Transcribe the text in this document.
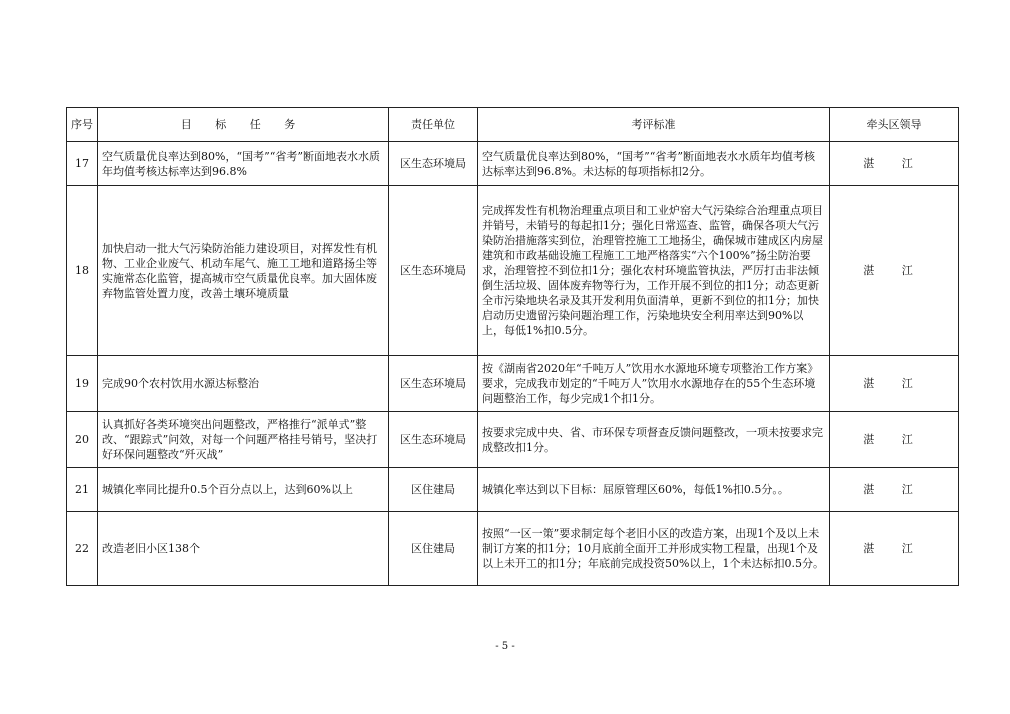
序号	目 标 任 务	责任单位	考评标准	牵头区领导
17	空气质量优良率达到80%，“国考”“省考”断面地表水水质年均值考核达标率达到96.8%	区生态环境局	空气质量优良率达到80%，“国考”“省考”断面地表水水质年均值考核达标率达到96.8%。未达标的每项指标扣2分。	湛 江
18	加快启动一批大气污染防治能力建设项目，对挥发性有机物、工业企业废气、机动车尾气、施工工地和道路扬尘等实施常态化监管，提高城市空气质量优良率。加大固体废弃物监管处置力度，改善土壤环境质量	区生态环境局	完成挥发性有机物治理重点项目和工业炉窑大气污染综合治理重点项目并销号，未销号的每起扣1分；强化日常巡查、监管，确保各项大气污染防治措施落实到位，治理管控施工工地扬尘，确保城市建成区内房屋建筑和市政基础设施工程施工工地严格落实“六个100%”扬尘防治要求，治理管控不到位扣1分；强化农村环境监管执法，严厉打击非法倾倒生活垃圾、固体废弃物等行为，工作开展不到位的扣1分；动态更新全市污染地块名录及其开发利用负面清单，更新不到位的扣1分；加快启动历史遗留污染问题治理工作，污染地块安全利用率达到90%以上，每低1%扣0.5分。	湛 江
19	完成90个农村饮用水源达标整治	区生态环境局	按《湖南省2020年“千吨万人”饮用水水源地环境专项整治工作方案》要求，完成我市划定的“千吨万人”饮用水水源地存在的55个生态环境问题整治工作，每少完成1个扣1分。	湛 江
20	认真抓好各类环境突出问题整改，严格推行“派单式”整改、“跟踪式”问效，对每一个问题严格挂号销号，坚决打好环保问题整改“歼灭战”	区生态环境局	按要求完成中央、省、市环保专项督查反馈问题整改，一项未按要求完成整改扣1分。	湛 江
21	城镇化率同比提升0.5个百分点以上，达到60%以上	区住建局	城镇化率达到以下目标：屈原管理区60%，每低1%扣0.5分。。	湛 江
22	改造老旧小区138个	区住建局	按照“一区一策”要求制定每个老旧小区的改造方案，出现1个及以上未制订方案的扣1分；10月底前全面开工并形成实物工程量，出现1个及以上未开工的扣1分；年底前完成投资50%以上，1个未达标扣0.5分。	湛 江
- 5 -
